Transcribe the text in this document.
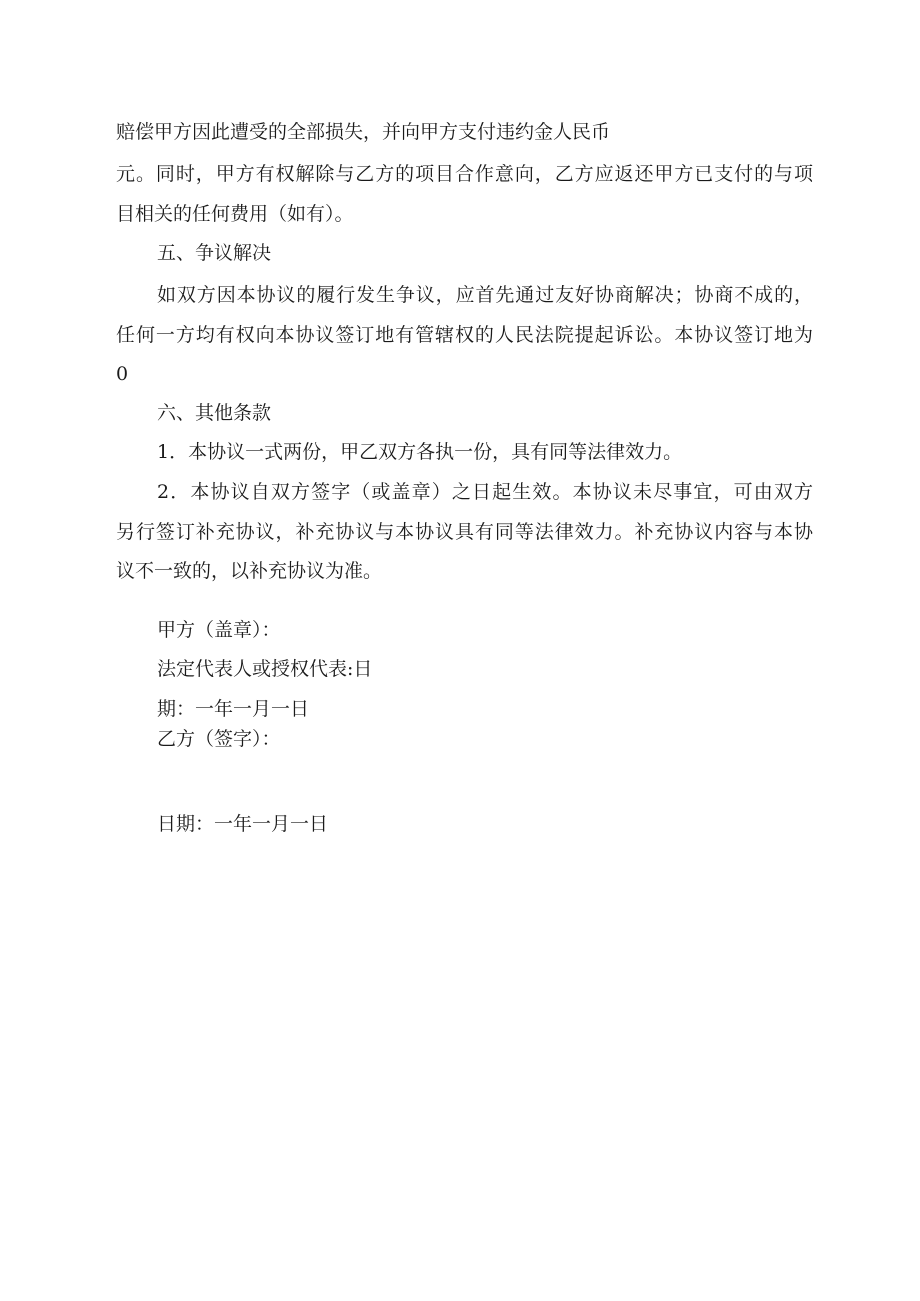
赔偿甲方因此遭受的全部损失，并向甲方支付违约金人民币

元。同时，甲方有权解除与乙方的项目合作意向，乙方应返还甲方已支付的与项

目相关的任何费用（如有）。

五、争议解决

如双方因本协议的履行发生争议，应首先通过友好协商解决；协商不成的，

任何一方均有权向本协议签订地有管辖权的人民法院提起诉讼。本协议签订地为

0

六、其他条款

1．本协议一式两份，甲乙双方各执一份，具有同等法律效力。

2．本协议自双方签字（或盖章）之日起生效。本协议未尽事宜，可由双方

另行签订补充协议，补充协议与本协议具有同等法律效力。补充协议内容与本协

议不一致的，以补充协议为准。

甲方（盖章）：

法定代表人或授权代表:日

期：一年一月一日

乙方（签字）：

日期：一年一月一日
